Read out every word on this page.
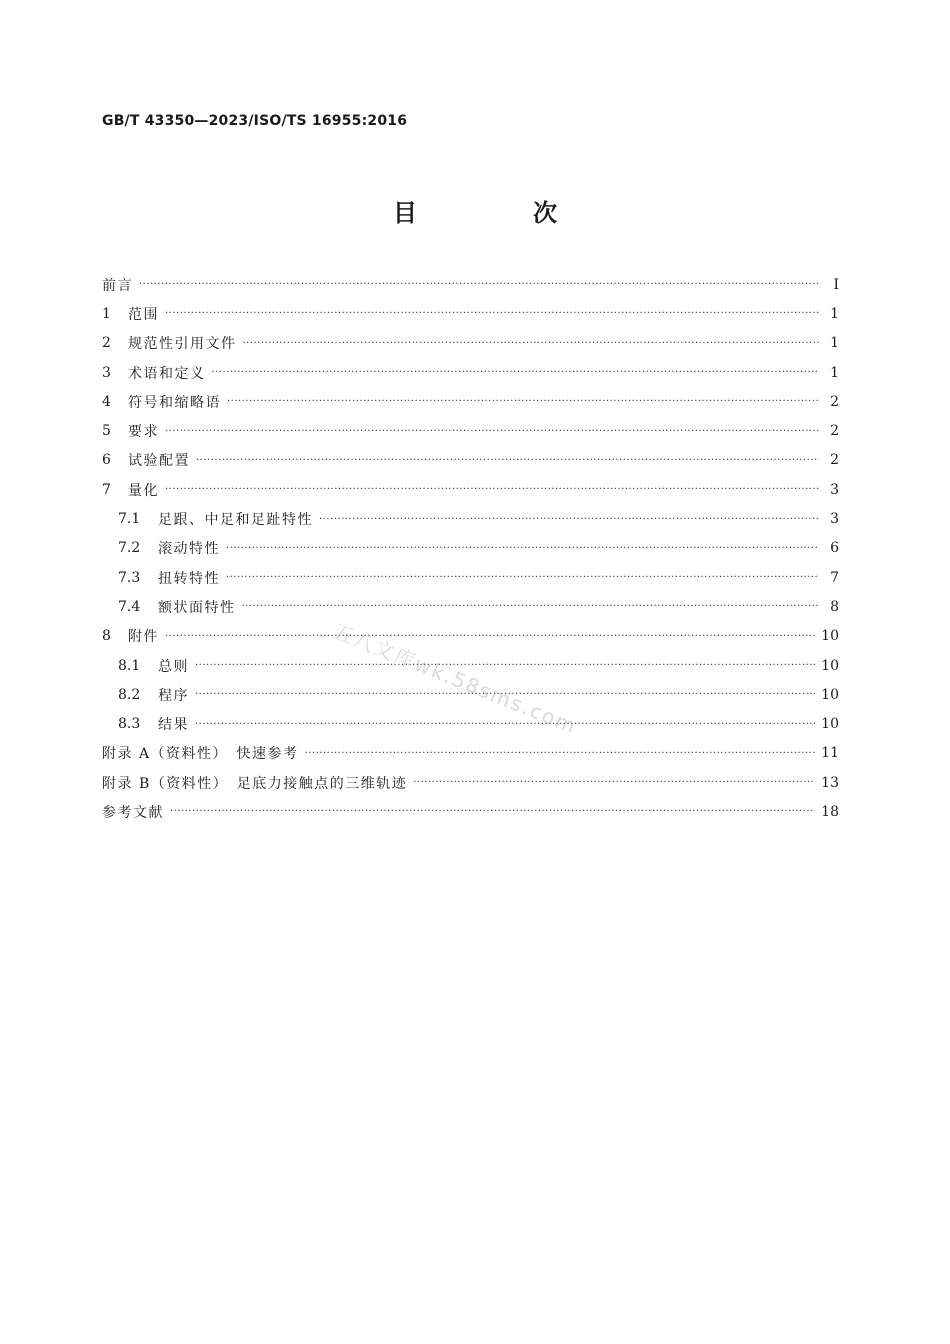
GB/T 43350—2023/ISO/TS 16955:2016
目　次
前言 ·····	Ⅰ
1	范围 ·····	1
2	规范性引用文件 ·····	1
3	术语和定义 ·····	1
4	符号和缩略语 ·····	2
5	要求 ·····	2
6	试验配置 ·····	2
7	量化 ·····	3
7.1	足跟、中足和足趾特性 ·····	3
7.2	滚动特性 ·····	6
7.3	扭转特性 ·····	7
7.4	额状面特性 ·····	8
8	附件 ·····	10
8.1	总则 ·····	10
8.2	程序 ·····	10
8.3	结果 ·····	10
附录 A（资料性）　快速参考 ·····	11
附录 B（资料性）　足底力接触点的三维轨迹 ·····	13
参考文献 ·····	18
五八文库wk.58sms.com
